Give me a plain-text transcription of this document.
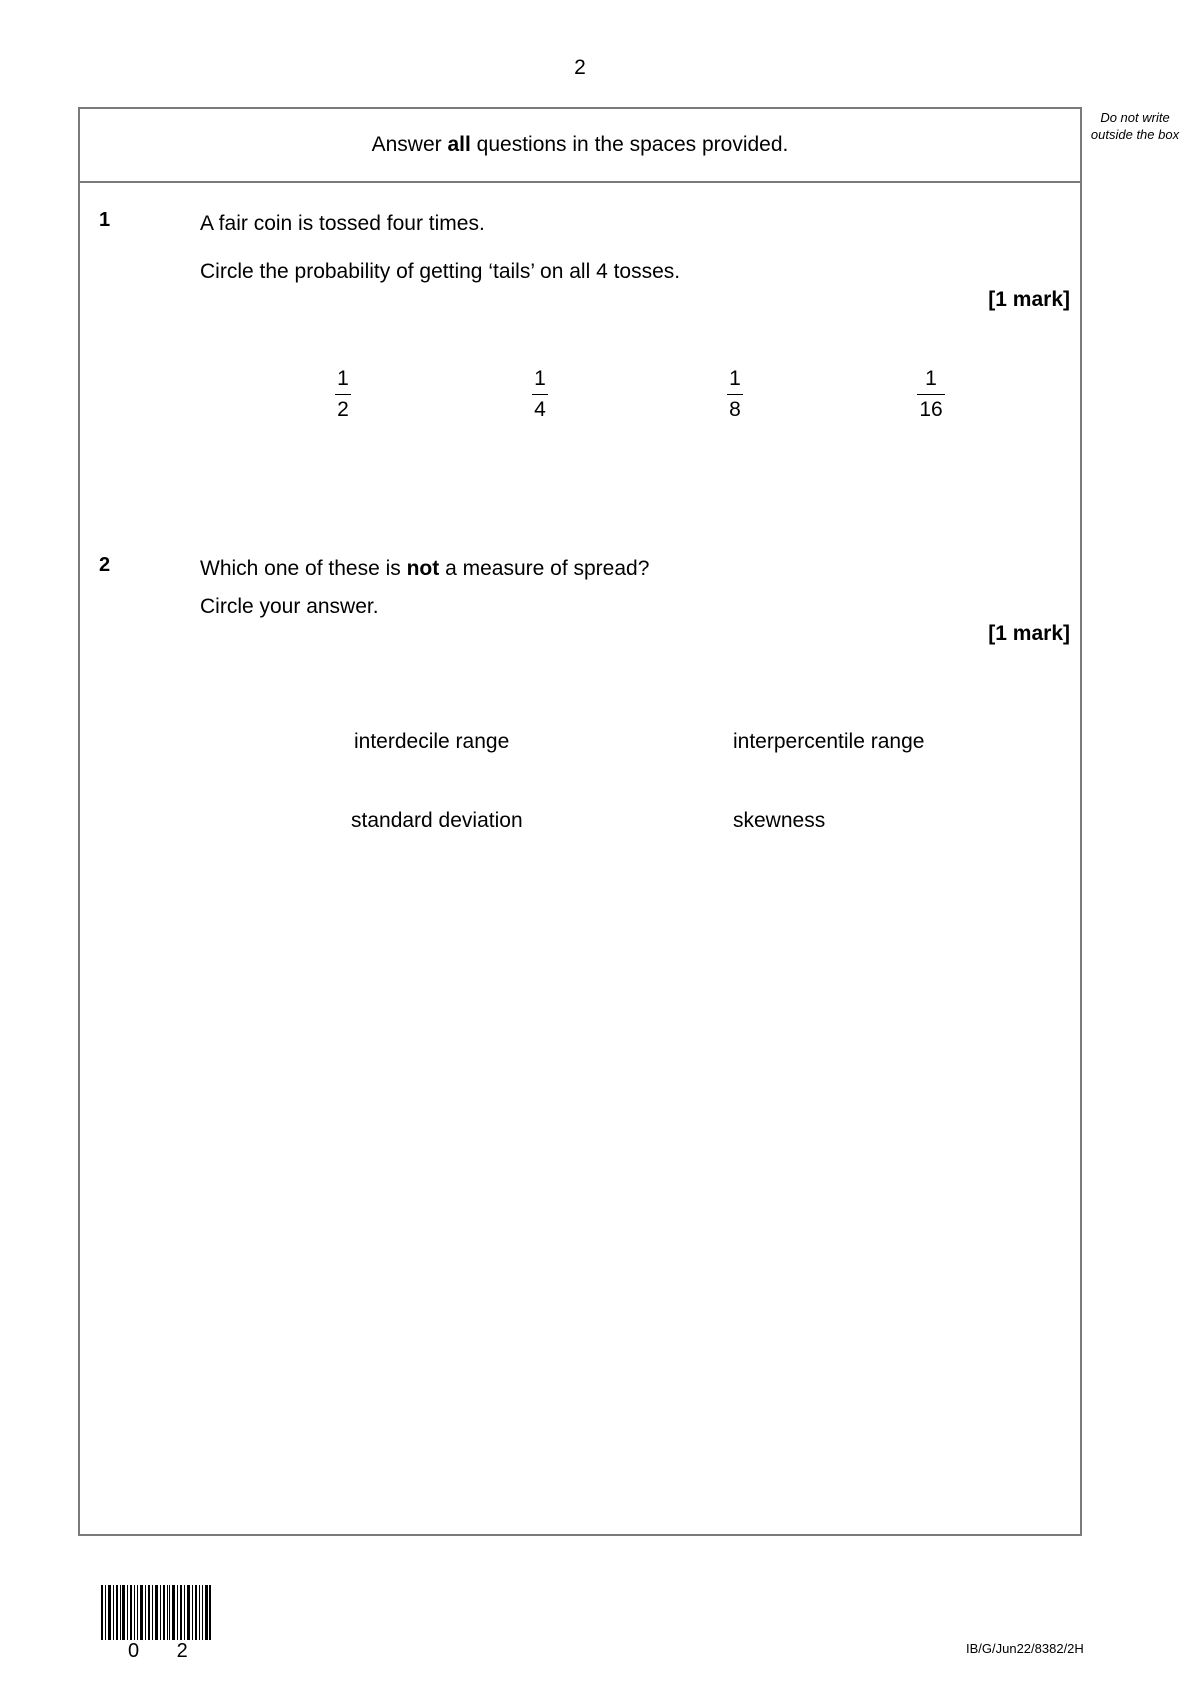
2
Do not write outside the box
Answer all questions in the spaces provided.
1	A fair coin is tossed four times.
Circle the probability of getting ‘tails’ on all 4 tosses.
[1 mark]
1
2
1
4
1
8
1
16
2	Which one of these is not a measure of spread?
Circle your answer.
[1 mark]
interdecile range	interpercentile range
standard deviation	skewness
0 2	IB/G/Jun22/8382/2H
